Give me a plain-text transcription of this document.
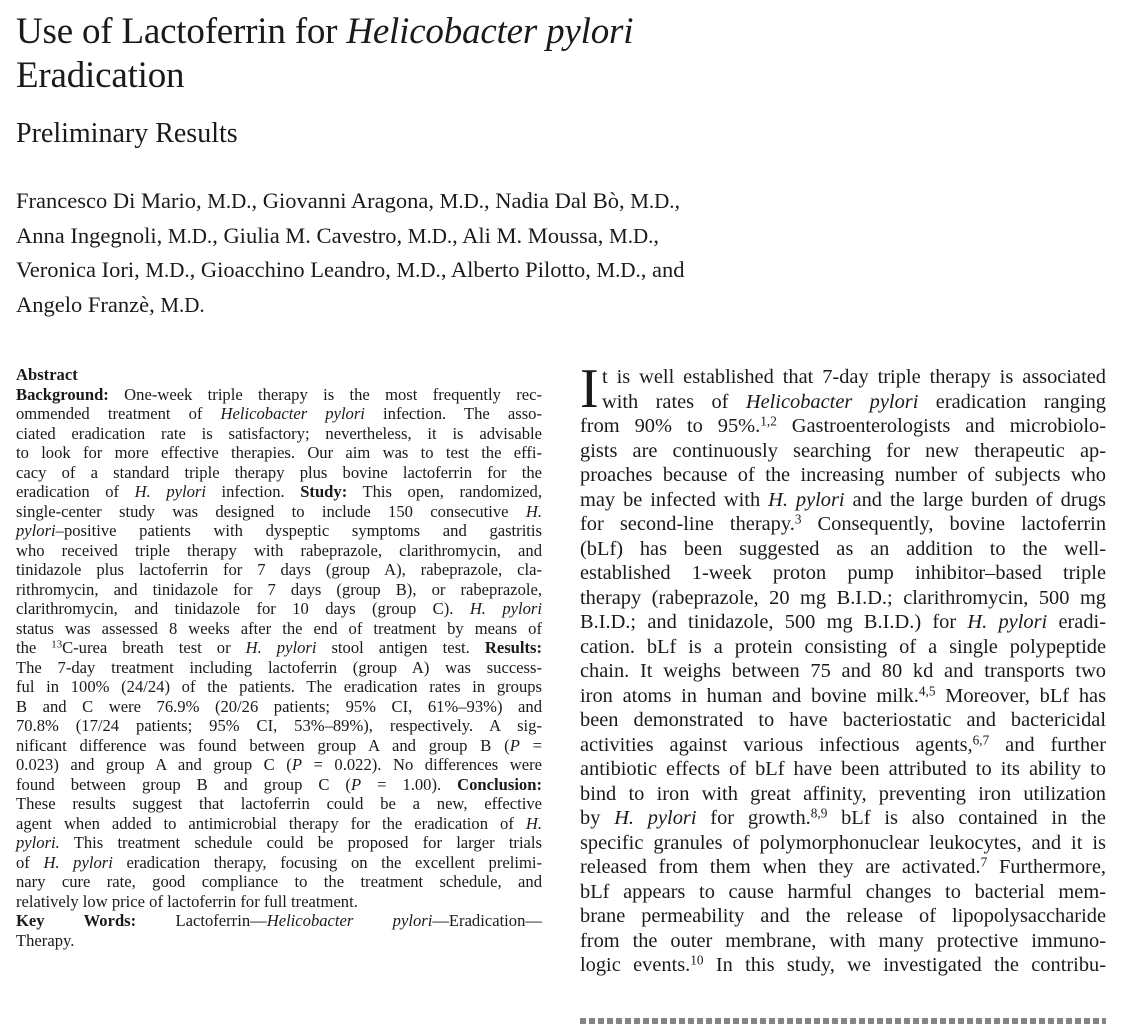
Use of Lactoferrin for Helicobacter pylori
Eradication
Preliminary Results
Francesco Di Mario, M.D., Giovanni Aragona, M.D., Nadia Dal Bò, M.D.,
Anna Ingegnoli, M.D., Giulia M. Cavestro, M.D., Ali M. Moussa, M.D.,
Veronica Iori, M.D., Gioacchino Leandro, M.D., Alberto Pilotto, M.D., and
Angelo Franzè, M.D.
Abstract
Background: One-week triple therapy is the most frequently rec-
ommended treatment of Helicobacter pylori infection. The asso-
ciated eradication rate is satisfactory; nevertheless, it is advisable
to look for more effective therapies. Our aim was to test the effi-
cacy of a standard triple therapy plus bovine lactoferrin for the
eradication of H. pylori infection. Study: This open, randomized,
single-center study was designed to include 150 consecutive H.
pylori–positive patients with dyspeptic symptoms and gastritis
who received triple therapy with rabeprazole, clarithromycin, and
tinidazole plus lactoferrin for 7 days (group A), rabeprazole, cla-
rithromycin, and tinidazole for 7 days (group B), or rabeprazole,
clarithromycin, and tinidazole for 10 days (group C). H. pylori
status was assessed 8 weeks after the end of treatment by means of
the $^{13}$C-urea breath test or H. pylori stool antigen test. Results:
The 7-day treatment including lactoferrin (group A) was success-
ful in 100% (24/24) of the patients. The eradication rates in groups
B and C were 76.9% (20/26 patients; 95% CI, 61%–93%) and
70.8% (17/24 patients; 95% CI, 53%–89%), respectively. A sig-
nificant difference was found between group A and group B (P =
0.023) and group A and group C (P = 0.022). No differences were
found between group B and group C (P = 1.00). Conclusion:
These results suggest that lactoferrin could be a new, effective
agent when added to antimicrobial therapy for the eradication of H.
pylori. This treatment schedule could be proposed for larger trials
of H. pylori eradication therapy, focusing on the excellent prelimi-
nary cure rate, good compliance to the treatment schedule, and
relatively low price of lactoferrin for full treatment.
Key Words: Lactoferrin—Helicobacter pylori—Eradication—
Therapy.
I t is well established that 7-day triple therapy is associated
with rates of Helicobacter pylori eradication ranging
from 90% to 95%.$^{1,2}$ Gastroenterologists and microbiolo-
gists are continuously searching for new therapeutic ap-
proaches because of the increasing number of subjects who
may be infected with H. pylori and the large burden of drugs
for second-line therapy.$^3$ Consequently, bovine lactoferrin
(bLf) has been suggested as an addition to the well-
established 1-week proton pump inhibitor–based triple
therapy (rabeprazole, 20 mg B.I.D.; clarithromycin, 500 mg
B.I.D.; and tinidazole, 500 mg B.I.D.) for H. pylori eradi-
cation. bLf is a protein consisting of a single polypeptide
chain. It weighs between 75 and 80 kd and transports two
iron atoms in human and bovine milk.$^{4,5}$ Moreover, bLf has
been demonstrated to have bacteriostatic and bactericidal
activities against various infectious agents,$^{6,7}$ and further
antibiotic effects of bLf have been attributed to its ability to
bind to iron with great affinity, preventing iron utilization
by H. pylori for growth.$^{8,9}$ bLf is also contained in the
specific granules of polymorphonuclear leukocytes, and it is
released from them when they are activated.$^7$ Furthermore,
bLf appears to cause harmful changes to bacterial mem-
brane permeability and the release of lipopolysaccharide
from the outer membrane, with many protective immuno-
logic events.$^{10}$ In this study, we investigated the contribu-
